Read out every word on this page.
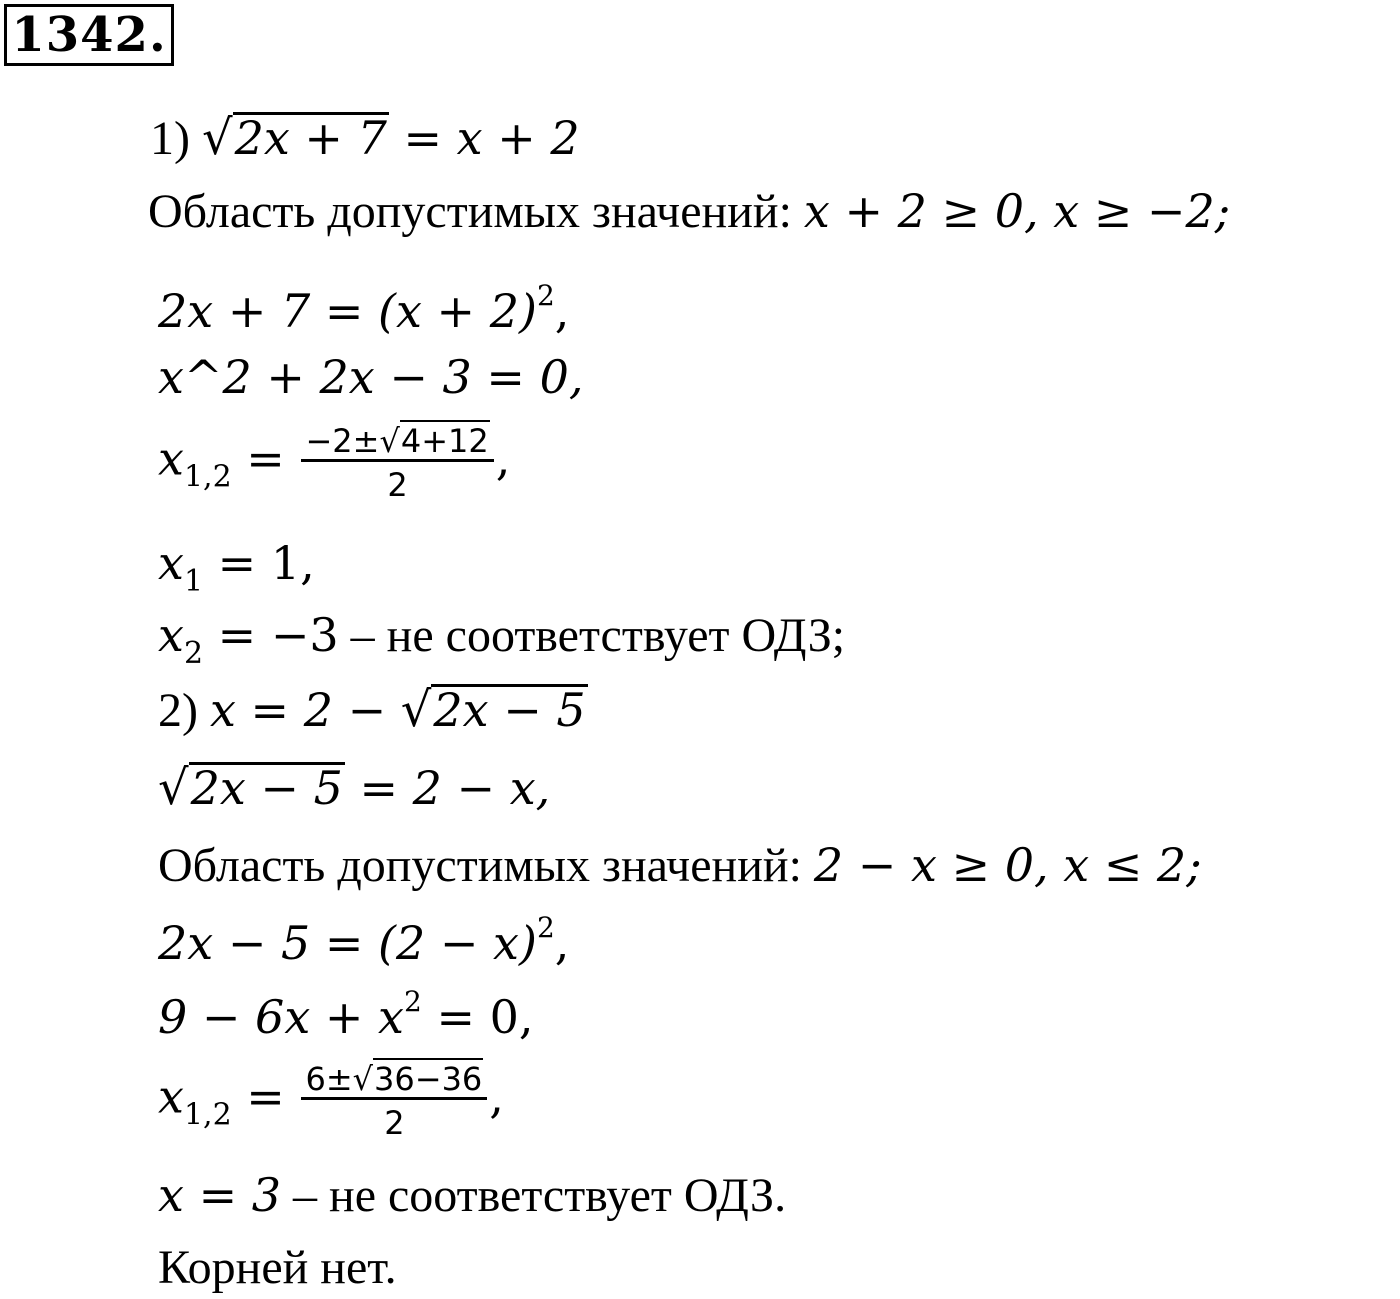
1342.
1) √2x + 7 = x + 2
Область допустимых значений: x + 2 ≥ 0, x ≥ −2;
$2x + 7 = (x + 2)^2$,
x^2 + 2x − 3 = 0,
$x_{1,2} = \frac{-2\pm√4+12}{2}$ ,
$x_1 = 1$,
$x_2 = -3$ – не соответствует ОДЗ;
2) x = 2 − √2x − 5
√2x − 5 = 2 − x,
Область допустимых значений: 2 − x ≥ 0, x ≤ 2;
$2x - 5 = (2 - x)^2$,
$9 - 6x + x^2 = 0$,
$x_{1,2} = \frac{6\pm√36-36}{2}$ ,
x = 3 – не соответствует ОДЗ.
Корней нет.
